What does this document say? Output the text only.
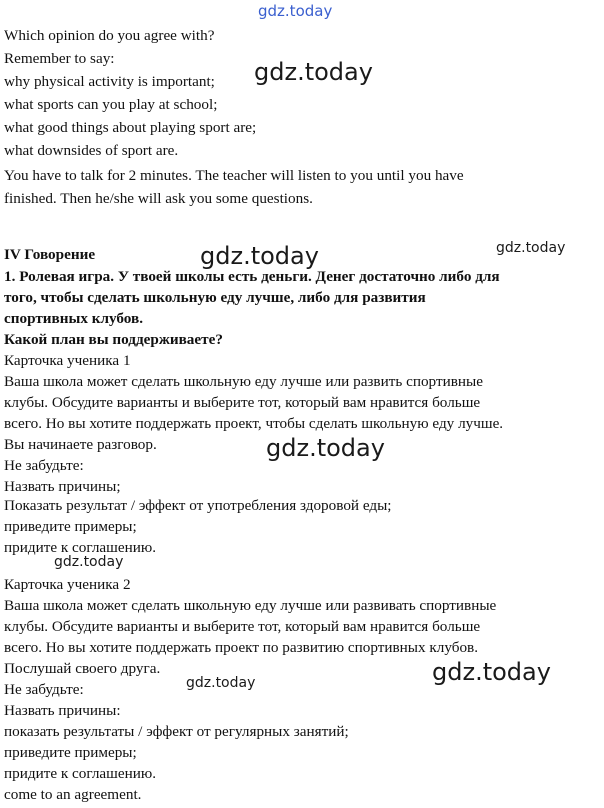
gdz.today
gdz.today
gdz.today	gdz.today
gdz.today
gdz.today
gdz.today
gdz.today
Which opinion do you agree with?
Remember to say:
why physical activity is important;
what sports can you play at school;
what good things about playing sport are;
what downsides of sport are.
You have to talk for 2 minutes. The teacher will listen to you until you have
finished. Then he/she will ask you some questions.
IV Говорение
1. Ролевая игра. У твоей школы есть деньги. Денег достаточно либо для
того, чтобы сделать школьную еду лучше, либо для развития
спортивных клубов.
Какой план вы поддерживаете?
Карточка ученика 1
Ваша школа может сделать школьную еду лучше или развить спортивные
клубы. Обсудите варианты и выберите тот, который вам нравится больше
всего. Но вы хотите поддержать проект, чтобы сделать школьную еду лучше.
Вы начинаете разговор.
Не забудьте:
Назвать причины;
Показать результат / эффект от употребления здоровой еды;
приведите примеры;
придите к соглашению.
Карточка ученика 2
Ваша школа может сделать школьную еду лучше или развивать спортивные
клубы. Обсудите варианты и выберите тот, который вам нравится больше
всего. Но вы хотите поддержать проект по развитию спортивных клубов.
Послушай своего друга.
Не забудьте:
Назвать причины:
показать результаты / эффект от регулярных занятий;
приведите примеры;
придите к соглашению.
come to an agreement.
